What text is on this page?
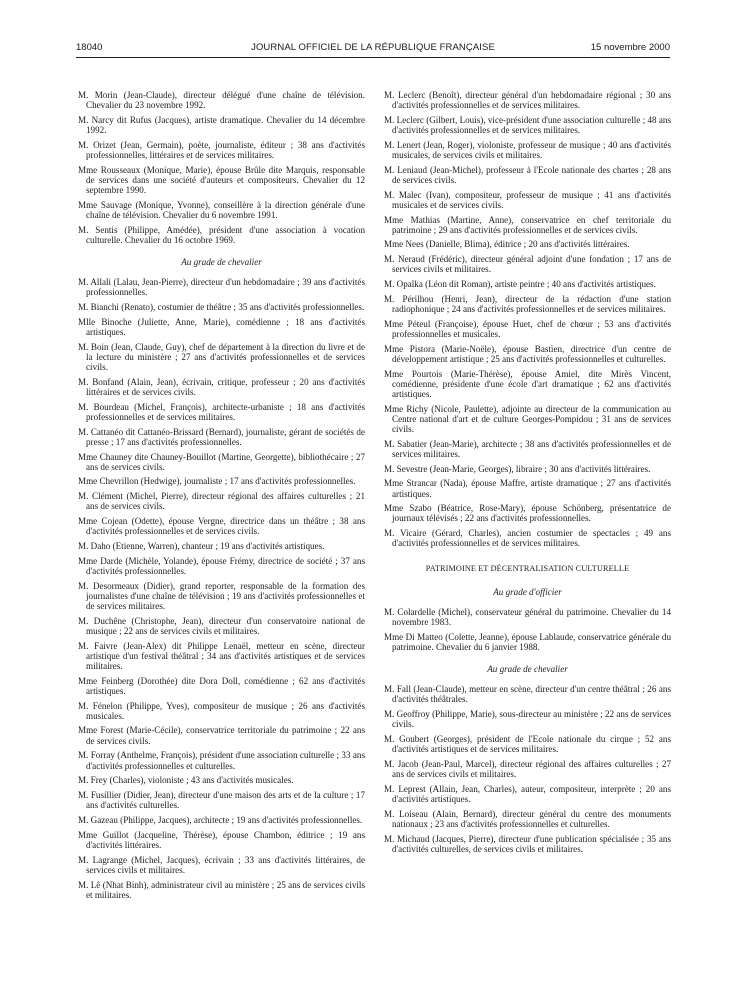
18040	JOURNAL OFFICIEL DE LA RÉPUBLIQUE FRANÇAISE	15 novembre 2000

M. Morin (Jean-Claude), directeur délégué d'une chaîne de télévision. Chevalier du 23 novembre 1992.

M. Narcy dit Rufus (Jacques), artiste dramatique. Chevalier du 14 décembre 1992.

M. Orizet (Jean, Germain), poète, journaliste, éditeur ; 38 ans d'activités professionnelles, littéraires et de services militaires.

Mme Rousseaux (Monique, Marie), épouse Brûle dite Marquis, responsable de services dans une société d'auteurs et compositeurs. Chevalier du 12 septembre 1990.

Mme Sauvage (Monique, Yvonne), conseillère à la direction générale d'une chaîne de télévision. Chevalier du 6 novembre 1991.

M. Sentis (Philippe, Amédée), président d'une association à vocation culturelle. Chevalier du 16 octobre 1969.

Au grade de chevalier

M. Allali (Lalau, Jean-Pierre), directeur d'un hebdomadaire ; 39 ans d'activités professionnelles.

M. Bianchi (Renato), costumier de théâtre ; 35 ans d'activités professionnelles.

Mlle Binoche (Juliette, Anne, Marie), comédienne ; 18 ans d'activités artistiques.

M. Boin (Jean, Claude, Guy), chef de département à la direction du livre et de la lecture du ministère ; 27 ans d'activités professionnelles et de services civils.

M. Bonfand (Alain, Jean), écrivain, critique, professeur ; 20 ans d'activités littéraires et de services civils.

M. Bourdeau (Michel, François), architecte-urbaniste ; 18 ans d'activités professionnelles et de services militaires.

M. Cattanéo dit Cattanéo-Brissard (Bernard), journaliste, gérant de sociétés de presse ; 17 ans d'activités professionnelles.

Mme Chauney dite Chauney-Bouillot (Martine, Georgette), bibliothécaire ; 27 ans de services civils.

Mme Chevrillon (Hedwige), journaliste ; 17 ans d'activités professionnelles.

M. Clément (Michel, Pierre), directeur régional des affaires culturelles ; 21 ans de services civils.

Mme Cojean (Odette), épouse Vergne, directrice dans un théâtre ; 38 ans d'activités professionnelles et de services civils.

M. Daho (Etienne, Warren), chanteur ; 19 ans d'activités artistiques.

Mme Darde (Michèle, Yolande), épouse Frémy, directrice de société ; 37 ans d'activités professionnelles.

M. Desormeaux (Didier), grand reporter, responsable de la formation des journalistes d'une chaîne de télévision ; 19 ans d'activités professionnelles et de services militaires.

M. Duchêne (Christophe, Jean), directeur d'un conservatoire national de musique ; 22 ans de services civils et militaires.

M. Faivre (Jean-Alex) dit Philippe Lenaël, metteur en scène, directeur artistique d'un festival théâtral ; 34 ans d'activités artistiques et de services militaires.

Mme Feinberg (Dorothée) dite Dora Doll, comédienne ; 62 ans d'activités artistiques.

M. Fénelon (Philippe, Yves), compositeur de musique ; 26 ans d'activités musicales.

Mme Forest (Marie-Cécile), conservatrice territoriale du patrimoine ; 22 ans de services civils.

M. Forray (Anthelme, François), président d'une association culturelle ; 33 ans d'activités professionnelles et culturelles.

M. Frey (Charles), violoniste ; 43 ans d'activités musicales.

M. Fusillier (Didier, Jean), directeur d'une maison des arts et de la culture ; 17 ans d'activités culturelles.

M. Gazeau (Philippe, Jacques), architecte ; 19 ans d'activités professionnelles.

Mme Guillot (Jacqueline, Thérèse), épouse Chambon, éditrice ; 19 ans d'activités littéraires.

M. Lagrange (Michel, Jacques), écrivain ; 33 ans d'activités littéraires, de services civils et militaires.

M. Lê (Nhat Binh), administrateur civil au ministère ; 25 ans de services civils et militaires.

M. Leclerc (Benoît), directeur général d'un hebdomadaire régional ; 30 ans d'activités professionnelles et de services militaires.

M. Leclerc (Gilbert, Louis), vice-président d'une association culturelle ; 48 ans d'activités professionnelles et de services militaires.

M. Lenert (Jean, Roger), violoniste, professeur de musique ; 40 ans d'activités musicales, de services civils et militaires.

M. Leniaud (Jean-Michel), professeur à l'Ecole nationale des chartes ; 28 ans de services civils.

M. Malec (Ivan), compositeur, professeur de musique ; 41 ans d'activités musicales et de services civils.

Mme Mathias (Martine, Anne), conservatrice en chef territoriale du patrimoine ; 29 ans d'activités professionnelles et de services civils.

Mme Nees (Danielle, Blima), éditrice ; 20 ans d'activités littéraires.

M. Neraud (Frédéric), directeur général adjoint d'une fondation ; 17 ans de services civils et militaires.

M. Opalka (Léon dit Roman), artiste peintre ; 40 ans d'activités artistiques.

M. Périlhou (Henri, Jean), directeur de la rédaction d'une station radiophonique ; 24 ans d'activités professionnelles et de services militaires.

Mme Péteul (Françoise), épouse Huet, chef de chœur ; 53 ans d'activités professionnelles et musicales.

Mme Pistora (Marie-Noële), épouse Bastien, directrice d'un centre de développement artistique ; 25 ans d'activités professionnelles et culturelles.

Mme Pourtois (Marie-Thérèse), épouse Amiel, dite Mirès Vincent, comédienne, présidente d'une école d'art dramatique ; 62 ans d'activités artistiques.

Mme Richy (Nicole, Paulette), adjointe au directeur de la communication au Centre national d'art et de culture Georges-Pompidou ; 31 ans de services civils.

M. Sabatier (Jean-Marie), architecte ; 38 ans d'activités professionnelles et de services militaires.

M. Sevestre (Jean-Marie, Georges), libraire ; 30 ans d'activités littéraires.

Mme Strancar (Nada), épouse Maffre, artiste dramatique ; 27 ans d'activités artistiques.

Mme Szabo (Béatrice, Rose-Mary), épouse Schönberg, présentatrice de journaux télévisés ; 22 ans d'activités professionnelles.

M. Vicaire (Gérard, Charles), ancien costumier de spectacles ; 49 ans d'activités professionnelles et de services militaires.

PATRIMOINE ET DÉCENTRALISATION CULTURELLE
Au grade d'officier

M. Colardelle (Michel), conservateur général du patrimoine. Chevalier du 14 novembre 1983.

Mme Di Matteo (Colette, Jeanne), épouse Lablaude, conservatrice générale du patrimoine. Chevalier du 6 janvier 1988.

Au grade de chevalier

M. Fall (Jean-Claude), metteur en scène, directeur d'un centre théâtral ; 26 ans d'activités théâtrales.

M. Geoffroy (Philippe, Marie), sous-directeur au ministère ; 22 ans de services civils.

M. Goubert (Georges), président de l'Ecole nationale du cirque ; 52 ans d'activités artistiques et de services militaires.

M. Jacob (Jean-Paul, Marcel), directeur régional des affaires culturelles ; 27 ans de services civils et militaires.

M. Leprest (Allain, Jean, Charles), auteur, compositeur, interprète ; 20 ans d'activités artistiques.

M. Loiseau (Alain, Bernard), directeur général du centre des monuments nationaux ; 23 ans d'activités professionnelles et culturelles.

M. Michaud (Jacques, Pierre), directeur d'une publication spécialisée ; 35 ans d'activités culturelles, de services civils et militaires.
